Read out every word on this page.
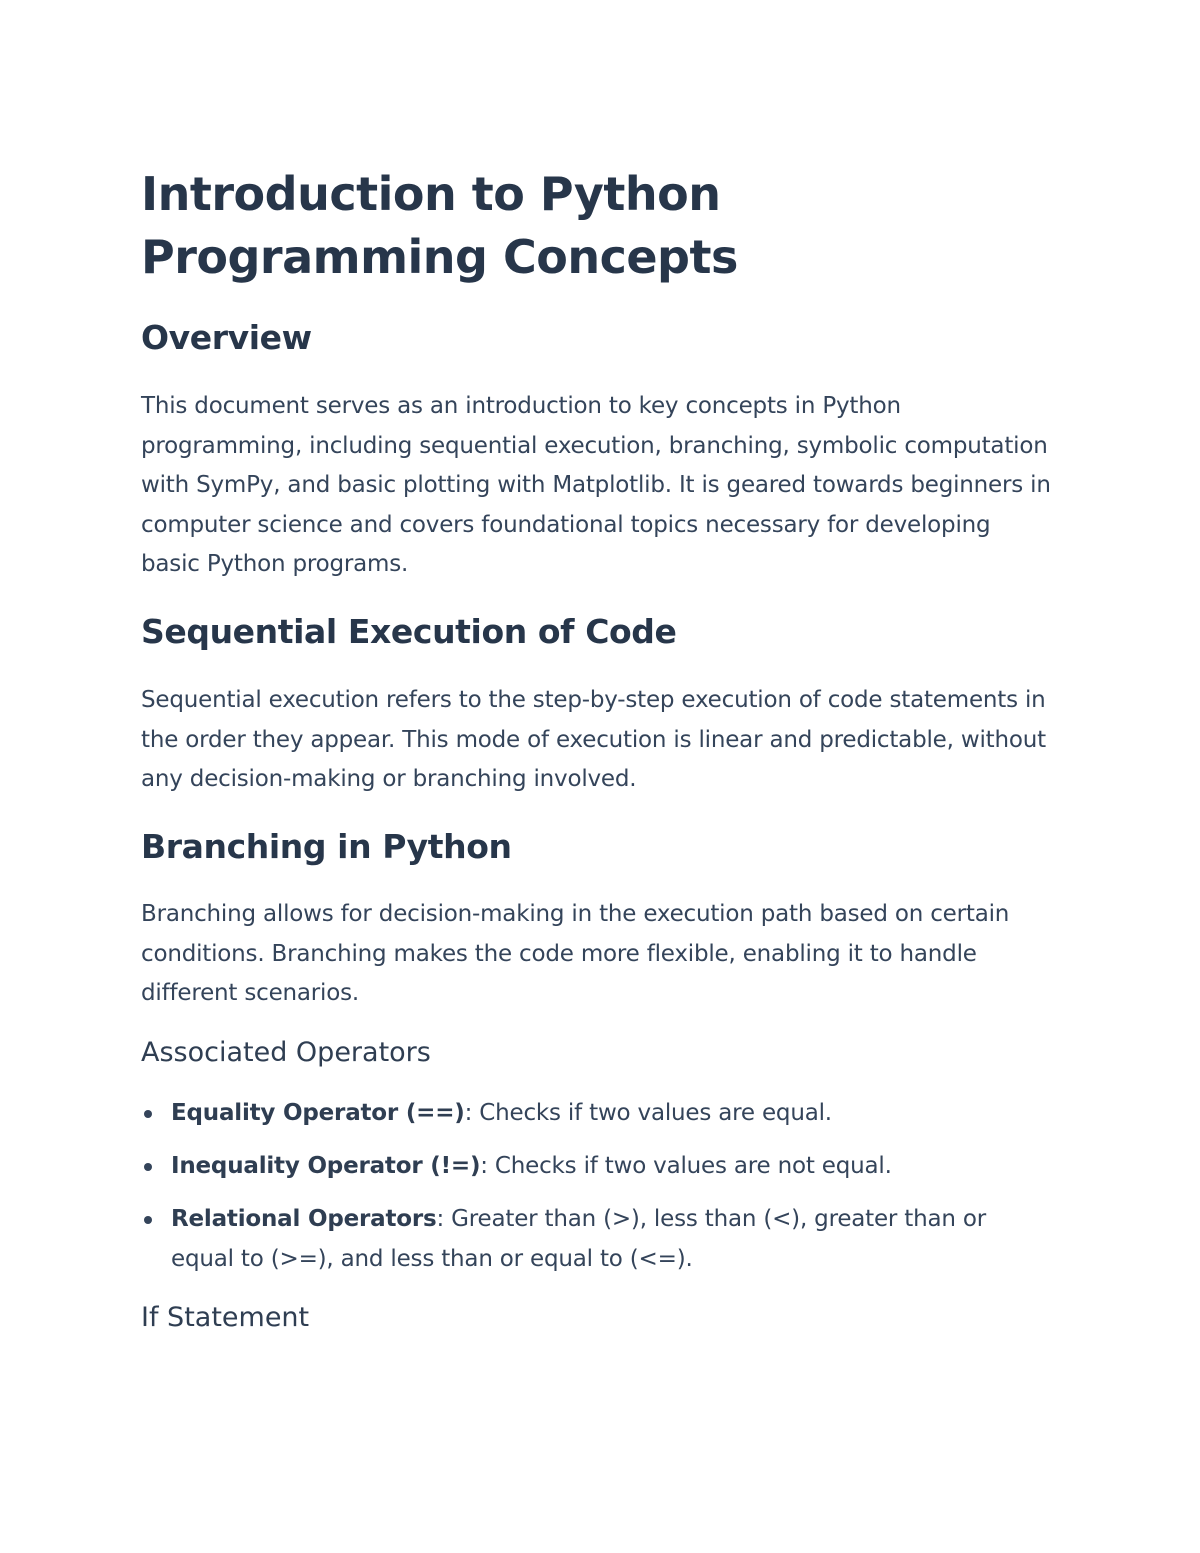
Introduction to Python Programming Concepts
Overview

This document serves as an introduction to key concepts in Python programming, including sequential execution, branching, symbolic computation with SymPy, and basic plotting with Matplotlib. It is geared towards beginners in computer science and covers foundational topics necessary for developing basic Python programs.

Sequential Execution of Code

Sequential execution refers to the step-by-step execution of code statements in the order they appear. This mode of execution is linear and predictable, without any decision-making or branching involved.

Branching in Python

Branching allows for decision-making in the execution path based on certain conditions. Branching makes the code more flexible, enabling it to handle different scenarios.

Associated Operators
Equality Operator (==): Checks if two values are equal.
Inequality Operator (!=): Checks if two values are not equal.
Relational Operators: Greater than (>), less than (<), greater than or equal to (>=), and less than or equal to (<=).
If Statement
